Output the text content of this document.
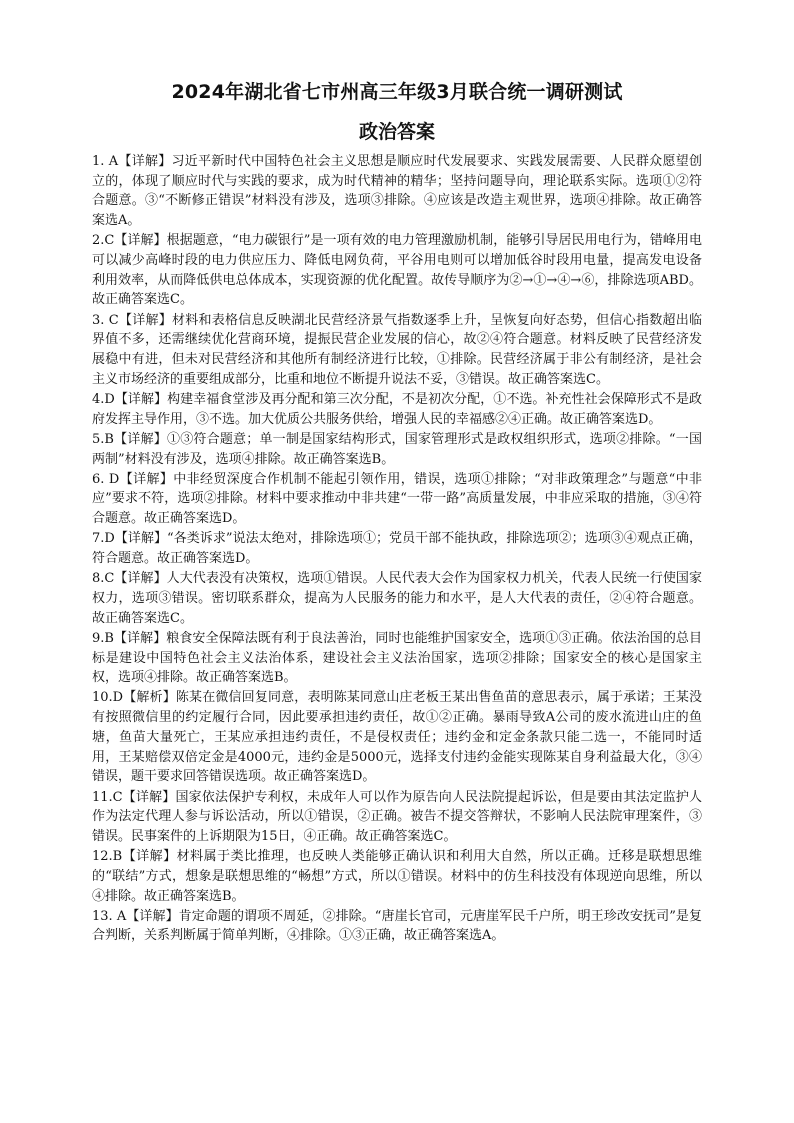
2024年湖北省七市州高三年级3月联合统一调研测试
政治答案

1. A【详解】习近平新时代中国特色社会主义思想是顺应时代发展要求、实践发展需要、人民群众愿望创立的，体现了顺应时代与实践的要求，成为时代精神的精华；坚持问题导向，理论联系实际。选项①②符合题意。③“不断修正错误”材料没有涉及，选项③排除。④应该是改造主观世界，选项④排除。故正确答案选A。

2.C【详解】根据题意，“电力碳银行”是一项有效的电力管理激励机制，能够引导居民用电行为，错峰用电可以减少高峰时段的电力供应压力、降低电网负荷，平谷用电则可以增加低谷时段用电量，提高发电设备利用效率，从而降低供电总体成本，实现资源的优化配置。故传导顺序为②→①→④→⑥，排除选项ABD。故正确答案选C。

3. C【详解】材料和表格信息反映湖北民营经济景气指数逐季上升，呈恢复向好态势，但信心指数超出临界值不多，还需继续优化营商环境，提振民营企业发展的信心，故②④符合题意。材料反映了民营经济发展稳中有进，但未对民营经济和其他所有制经济进行比较，①排除。民营经济属于非公有制经济，是社会主义市场经济的重要组成部分，比重和地位不断提升说法不妥，③错误。故正确答案选C。

4.D【详解】构建幸福食堂涉及再分配和第三次分配，不是初次分配，①不选。补充性社会保障形式不是政府发挥主导作用，③不选。加大优质公共服务供给，增强人民的幸福感②④正确。故正确答案选D。

5.B【详解】①③符合题意；单一制是国家结构形式，国家管理形式是政权组织形式，选项②排除。“一国两制”材料没有涉及，选项④排除。故正确答案选B。

6. D【详解】中非经贸深度合作机制不能起引领作用，错误，选项①排除；“对非政策理念”与题意“中非应”要求不符，选项②排除。材料中要求推动中非共建“一带一路”高质量发展，中非应采取的措施，③④符合题意。故正确答案选D。

7.D【详解】“各类诉求”说法太绝对，排除选项①；党员干部不能执政，排除选项②；选项③④观点正确，符合题意。故正确答案选D。

8.C【详解】人大代表没有决策权，选项①错误。人民代表大会作为国家权力机关，代表人民统一行使国家权力，选项③错误。密切联系群众，提高为人民服务的能力和水平，是人大代表的责任，②④符合题意。故正确答案选C。

9.B【详解】粮食安全保障法既有利于良法善治，同时也能维护国家安全，选项①③正确。依法治国的总目标是建设中国特色社会主义法治体系，建设社会主义法治国家，选项②排除；国家安全的核心是国家主权，选项④排除。故正确答案选B。

10.D【解析】陈某在微信回复同意，表明陈某同意山庄老板王某出售鱼苗的意思表示，属于承诺；王某没有按照微信里的约定履行合同，因此要承担违约责任，故①②正确。暴雨导致A公司的废水流进山庄的鱼塘，鱼苗大量死亡，王某应承担违约责任，不是侵权责任；违约金和定金条款只能二选一，不能同时适用，王某赔偿双倍定金是4000元，违约金是5000元，选择支付违约金能实现陈某自身利益最大化，③④错误，题干要求回答错误选项。故正确答案选D。

11.C【详解】国家依法保护专利权，未成年人可以作为原告向人民法院提起诉讼，但是要由其法定监护人作为法定代理人参与诉讼活动，所以①错误，②正确。被告不提交答辩状，不影响人民法院审理案件，③错误。民事案件的上诉期限为15日，④正确。故正确答案选C。

12.B【详解】材料属于类比推理，也反映人类能够正确认识和利用大自然，所以正确。迁移是联想思维的“联结”方式，想象是联想思维的“畅想”方式，所以①错误。材料中的仿生科技没有体现逆向思维，所以④排除。故正确答案选B。

13. A【详解】肯定命题的谓项不周延，②排除。“唐崖长官司，元唐崖军民千户所，明王珍改安抚司”是复合判断，关系判断属于简单判断，④排除。①③正确，故正确答案选A。
